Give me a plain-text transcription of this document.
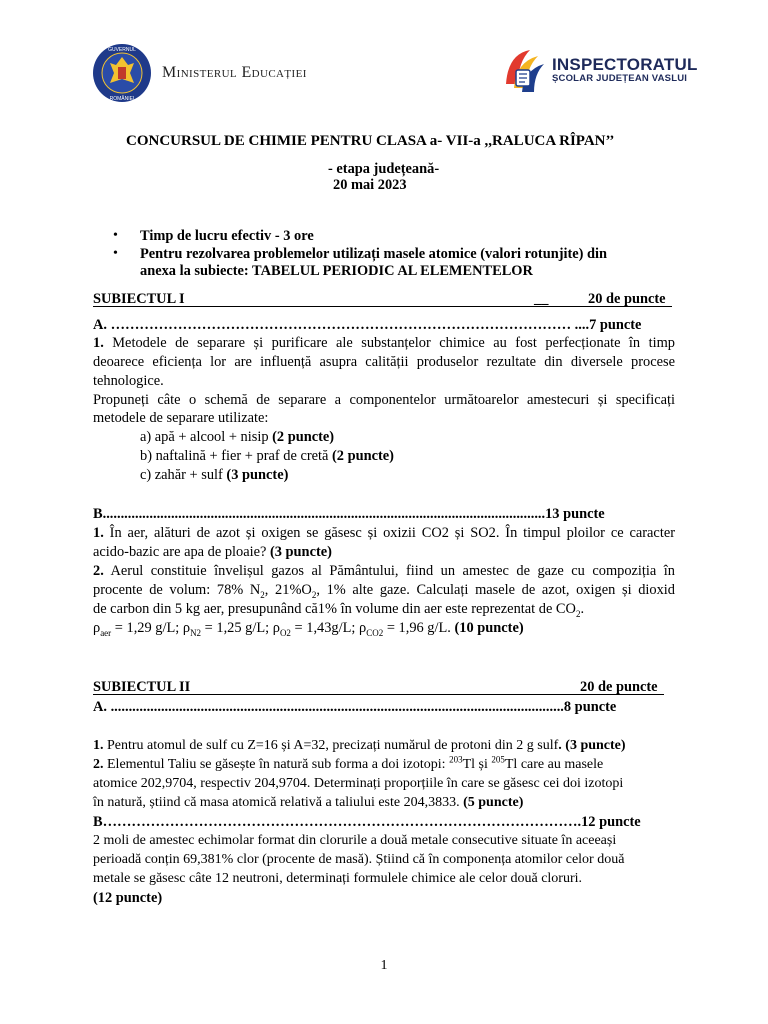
GUVERNUL
ROMÂNIEI
Ministerul Educației	INSPECTORATUL
ȘCOLAR JUDEȚEAN VASLUI
CONCURSUL DE CHIMIE PENTRU CLASA a- VII-a ,,RALUCA RÎPAN’’
- etapa județeană-
20 mai 2023
• Timp de lucru efectiv - 3 ore
• Pentru rezolvarea problemelor utilizați masele atomice (valori rotunjite) din
anexa la subiecte: TABELUL PERIODIC AL ELEMENTELOR
SUBIECTUL I	__	20 de puncte
A. …………………………………………………………………………………… ....7 puncte
1. Metodele de separare și purificare ale substanțelor chimice au fost perfecționate în timp
deoarece eficiența lor are influență asupra calității produselor rezultate din diversele procese
tehnologice.
Propuneți câte o schemă de separare a componentelor următoarelor amestecuri și specificați
metodele de separare utilizate:
a) apă + alcool + nisip (2 puncte)
b) naftalină + fier + praf de cretă (2 puncte)
c) zahăr + sulf (3 puncte)
B...........................................................................................................................13 puncte
1. În aer, alături de azot și oxigen se găsesc și oxizii CO2 și SO2. În timpul ploilor ce caracter
acido-bazic are apa de ploaie? (3 puncte)
2. Aerul constituie învelișul gazos al Pământului, fiind un amestec de gaze cu compoziția în
procente de volum: 78% $N_2$, $21\%O_2$, 1% alte gaze. Calculați masele de azot, oxigen și dioxid
de carbon din 5 kg aer, presupunând că1% în volume din aer este reprezentat de $CO_2$.
$\rho_{aer} = 1,29$ g/L; $\rho_{N2} = 1,25$ g/L; $\rho_{O2} = 1,43g/L$; $\rho_{CO2} = 1,96$ g/L. (10 puncte)
SUBIECTUL II	20 de puncte
A. ..............................................................................................................................8 puncte
1. Pentru atomul de sulf cu Z=16 și A=32, precizați numărul de protoni din 2 g sulf. (3 puncte)
2. Elementul Taliu se găsește în natură sub forma a doi izotopi: $^{203}$Tl și $^{205}$Tl care au masele
atomice 202,9704, respectiv 204,9704. Determinați proporțiile în care se găsesc cei doi izotopi
în natură, știind că masa atomică relativă a taliului este 204,3833. (5 puncte)
B……………………………………………………………………………………….12 puncte
2 moli de amestec echimolar format din clorurile a două metale consecutive situate în aceeași
perioadă conțin 69,381% clor (procente de masă). Știind că în componența atomilor celor două
metale se găsesc câte 12 neutroni, determinați formulele chimice ale celor două cloruri.
(12 puncte)
1
